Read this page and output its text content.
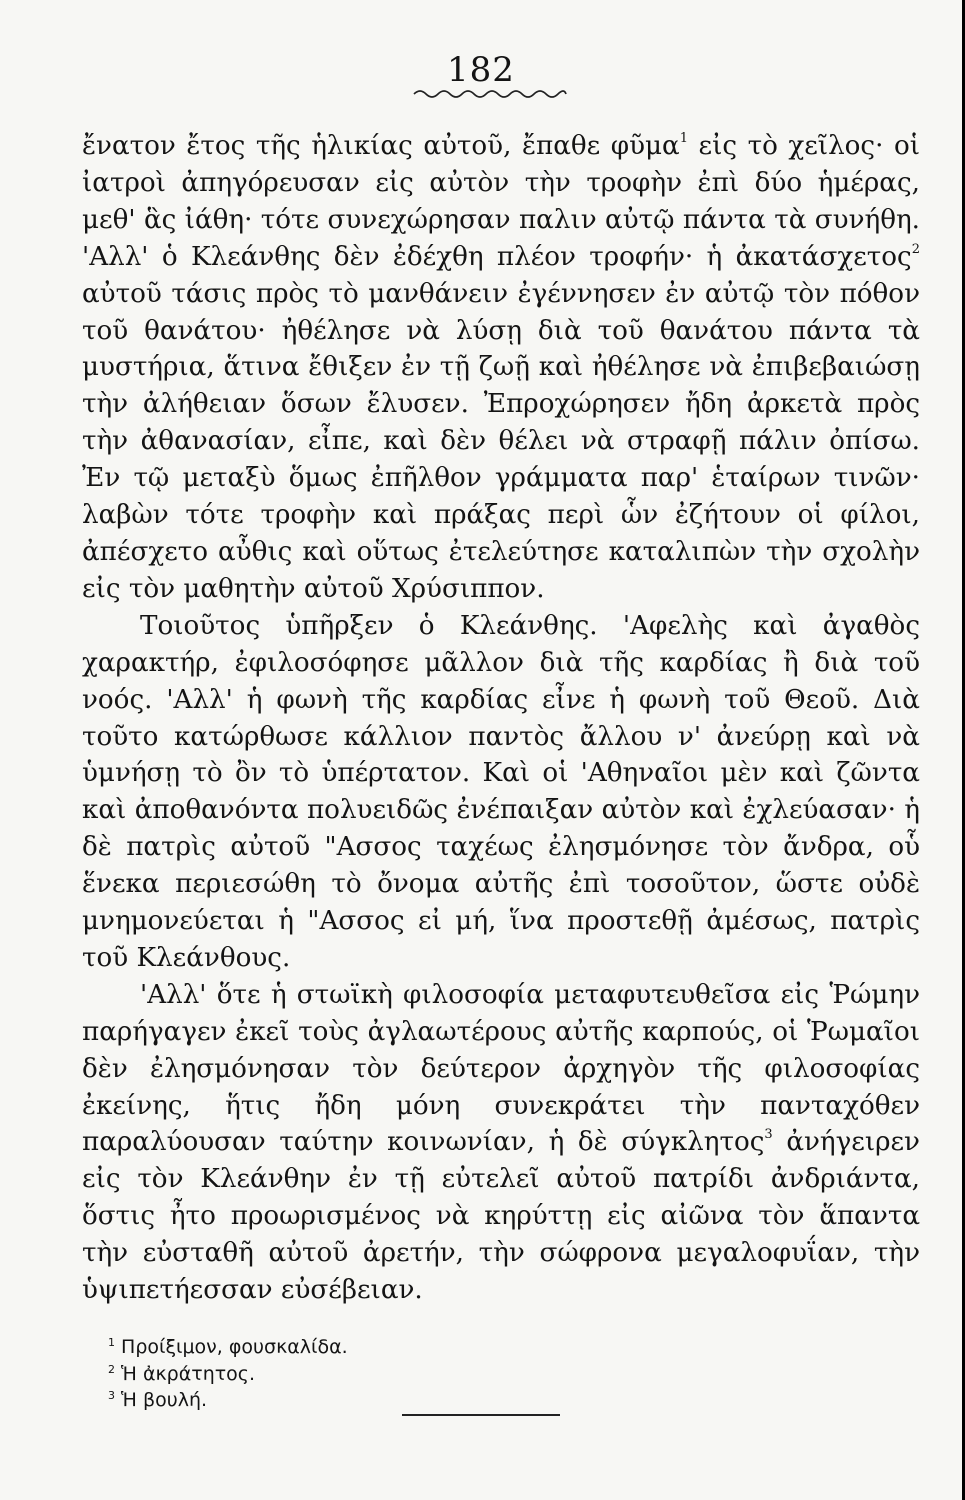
182

ἔνατον ἔτος τῆς ἡλικίας αὐτοῦ, ἔπαθε φῦμα$^1$ εἰς τὸ χεῖλος· οἱ ἰατροὶ ἀπηγόρευσαν εἰς αὐτὸν τὴν τροφὴν ἐπὶ δύο ἡμέρας, μεθ' ἃς ἰάθη· τότε συνεχώρησαν παλιν αὐτῷ πάντα τὰ συνήθη. 'Αλλ' ὁ Κλεάνθης δὲν ἐδέχθη πλέον τροφήν· ἡ ἀκατάσχετος$^2$ αὐτοῦ τάσις πρὸς τὸ μανθάνειν ἐγέννησεν ἐν αὐτῷ τὸν πόθον τοῦ θανάτου· ἠθέλησε νὰ λύσῃ διὰ τοῦ θανάτου πάντα τὰ μυστήρια, ἅτινα ἔθιξεν ἐν τῇ ζωῇ καὶ ἠθέλησε νὰ ἐπιβεβαιώσῃ τὴν ἀλήθειαν ὅσων ἔλυσεν. Ἐπροχώρησεν ἤδη ἀρκετὰ πρὸς τὴν ἀθανασίαν, εἶπε, καὶ δὲν θέλει νὰ στραφῇ πάλιν ὀπίσω. Ἐν τῷ μεταξὺ ὅμως ἐπῆλθον γράμματα παρ' ἑταίρων τινῶν· λαβὼν τότε τροφὴν καὶ πράξας περὶ ὧν ἐζήτουν οἱ φίλοι, ἀπέσχετο αὖθις καὶ οὕτως ἐτελεύτησε καταλιπὼν τὴν σχολὴν εἰς τὸν μαθητὴν αὐτοῦ Χρύσιππον.

Τοιοῦτος ὑπῆρξεν ὁ Κλεάνθης. 'Αφελὴς καὶ ἀγαθὸς χαρακτήρ, ἐφιλοσόφησε μᾶλλον διὰ τῆς καρδίας ἢ διὰ τοῦ νοός. 'Αλλ' ἡ φωνὴ τῆς καρδίας εἶνε ἡ φωνὴ τοῦ Θεοῦ. Διὰ τοῦτο κατώρθωσε κάλλιον παντὸς ἄλλου ν' ἀνεύρῃ καὶ νὰ ὑμνήσῃ τὸ ὂν τὸ ὑπέρτατον. Καὶ οἱ 'Αθηναῖοι μὲν καὶ ζῶντα καὶ ἀποθανόντα πολυειδῶς ἐνέπαιξαν αὐτὸν καὶ ἐχλεύασαν· ἡ δὲ πατρὶς αὐτοῦ "Ασσος ταχέως ἐλησμόνησε τὸν ἄνδρα, οὗ ἕνεκα περιεσώθη τὸ ὄνομα αὐτῆς ἐπὶ τοσοῦτον, ὥστε οὐδὲ μνημονεύεται ἡ "Ασσος εἰ μή, ἵνα προστεθῇ ἀμέσως, πατρὶς τοῦ Κλεάνθους.

'Αλλ' ὅτε ἡ στωϊκὴ φιλοσοφία μεταφυτευθεῖσα εἰς Ῥώμην παρήγαγεν ἐκεῖ τοὺς ἀγλαωτέρους αὐτῆς καρπούς, οἱ Ῥωμαῖοι δὲν ἐλησμόνησαν τὸν δεύτερον ἀρχηγὸν τῆς φιλοσοφίας ἐκείνης, ἥτις ἤδη μόνη συνεκράτει τὴν πανταχόθεν παραλύουσαν ταύτην κοινωνίαν, ἡ δὲ σύγκλητος$^3$ ἀνήγειρεν εἰς τὸν Κλεάνθην ἐν τῇ εὐτελεῖ αὐτοῦ πατρίδι ἀνδριάντα, ὅστις ἦτο προωρισμένος νὰ κηρύττῃ εἰς αἰῶνα τὸν ἅπαντα τὴν εὐσταθῆ αὐτοῦ ἀρετήν, τὴν σώφρονα μεγαλοφυΐαν, τὴν ὑψιπετήεσσαν εὐσέβειαν.

$^1$ Προίξιμον, φουσκαλίδα.
$^2$ Ἡ ἀκράτητος.
$^3$ Ἡ βουλή.
